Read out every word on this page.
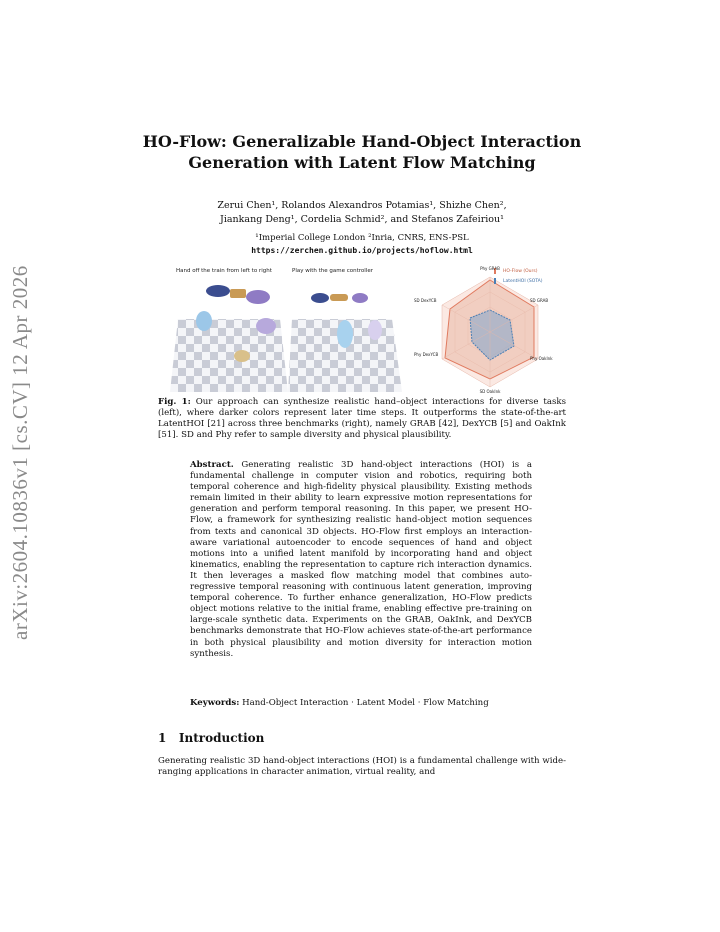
arXiv:2604.10836v1 [cs.CV] 12 Apr 2026
HO-Flow: Generalizable Hand-Object Interaction
Generation with Latent Flow Matching
Zerui Chen¹, Rolandos Alexandros Potamias¹, Shizhe Chen²,
Jiankang Deng¹, Cordelia Schmid², and Stefanos Zafeiriou¹
¹Imperial College London ²Inria, CNRS, ENS-PSL
https://zerchen.github.io/projects/hoflow.html
Hand off the train from left to right	Play with the game controller	HO-Flow (Ours)
LatentHOI (SOTA)
Phy GRAB
SD GRAB
Phy OakInk
SD OakInk
Phy DexYCB
SD DexYCB
Fig. 1: Our approach can synthesize realistic hand–object interactions for diverse tasks (left), where darker colors represent later time steps. It outperforms the state-of-the-art LatentHOI [21] across three benchmarks (right), namely GRAB [42], DexYCB [5] and OakInk [51]. SD and Phy refer to sample diversity and physical plausibility.
Abstract. Generating realistic 3D hand-object interactions (HOI) is a fundamental challenge in computer vision and robotics, requiring both temporal coherence and high-fidelity physical plausibility. Existing methods remain limited in their ability to learn expressive motion representations for generation and perform temporal reasoning. In this paper, we present HO-Flow, a framework for synthesizing realistic hand-object motion sequences from texts and canonical 3D objects. HO-Flow first employs an interaction-aware variational autoencoder to encode sequences of hand and object motions into a unified latent manifold by incorporating hand and object kinematics, enabling the representation to capture rich interaction dynamics. It then leverages a masked flow matching model that combines auto-regressive temporal reasoning with continuous latent generation, improving temporal coherence. To further enhance generalization, HO-Flow predicts object motions relative to the initial frame, enabling effective pre-training on large-scale synthetic data. Experiments on the GRAB, OakInk, and DexYCB benchmarks demonstrate that HO-Flow achieves state-of-the-art performance in both physical plausibility and motion diversity for interaction motion synthesis.
Keywords: Hand-Object Interaction · Latent Model · Flow Matching
1 Introduction
Generating realistic 3D hand-object interactions (HOI) is a fundamental challenge with wide-ranging applications in character animation, virtual reality, and
